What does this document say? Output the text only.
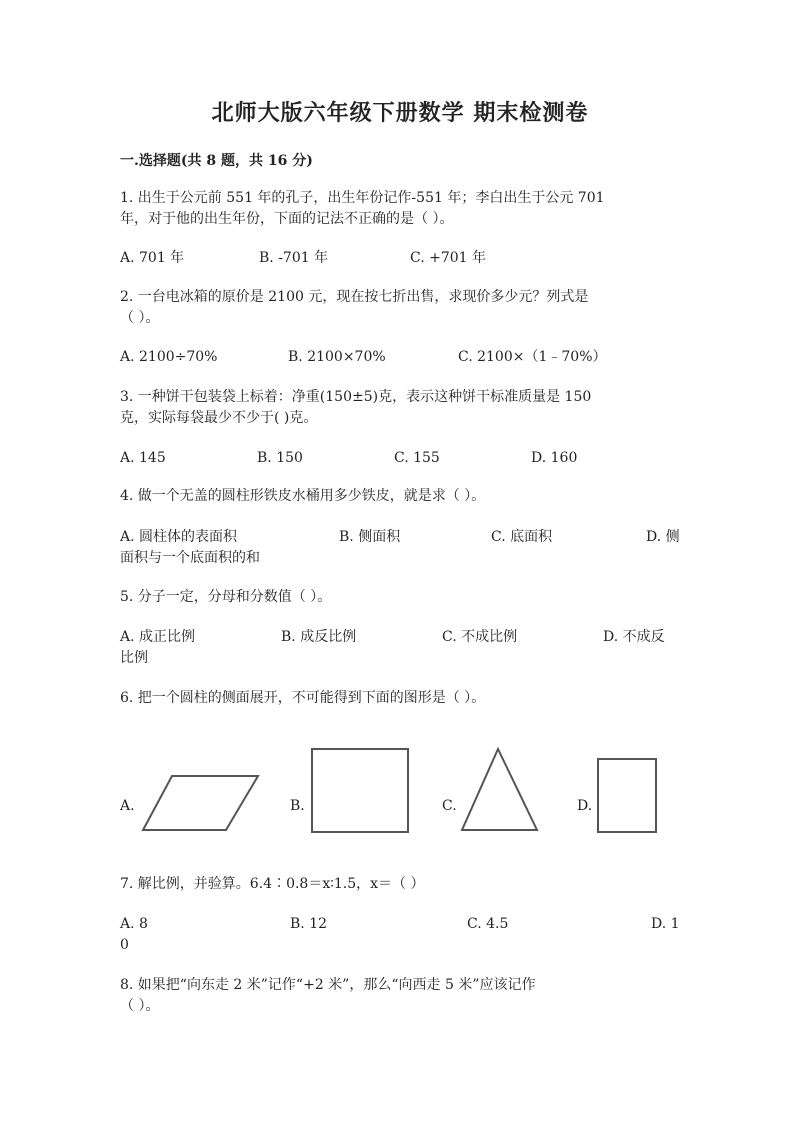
北师大版六年级下册数学 期末检测卷
一.选择题(共 8 题，共 16 分)
1. 出生于公元前 551 年的孔子，出生年份记作-551 年；李白出生于公元 701
年，对于他的出生年份，下面的记法不正确的是（ ）。
A. 701 年	B. -701 年	C. +701 年
2. 一台电冰箱的原价是 2100 元，现在按七折出售，求现价多少元？列式是
（ ）。
A. 2100÷70%	B. 2100×70%	C. 2100×（1﹣70%）
3. 一种饼干包装袋上标着：净重(150±5)克，表示这种饼干标准质量是 150
克，实际每袋最少不少于( )克。
A. 145	B. 150	C. 155	D. 160
4. 做一个无盖的圆柱形铁皮水桶用多少铁皮，就是求（ ）。
A. 圆柱体的表面积	B. 侧面积	C. 底面积	D. 侧
面积与一个底面积的和
5. 分子一定，分母和分数值（ ）。
A. 成正比例	B. 成反比例	C. 不成比例	D. 不成反
比例
6. 把一个圆柱的侧面展开，不可能得到下面的图形是（ ）。
A.	B.	C.	D.
7. 解比例，并验算。6.4∶0.8＝x∶1.5，x＝（ ）
A. 8	B. 12	C. 4.5	D. 1
0
8. 如果把“向东走 2 米”记作“+2 米”，那么“向西走 5 米”应该记作
（ ）。
